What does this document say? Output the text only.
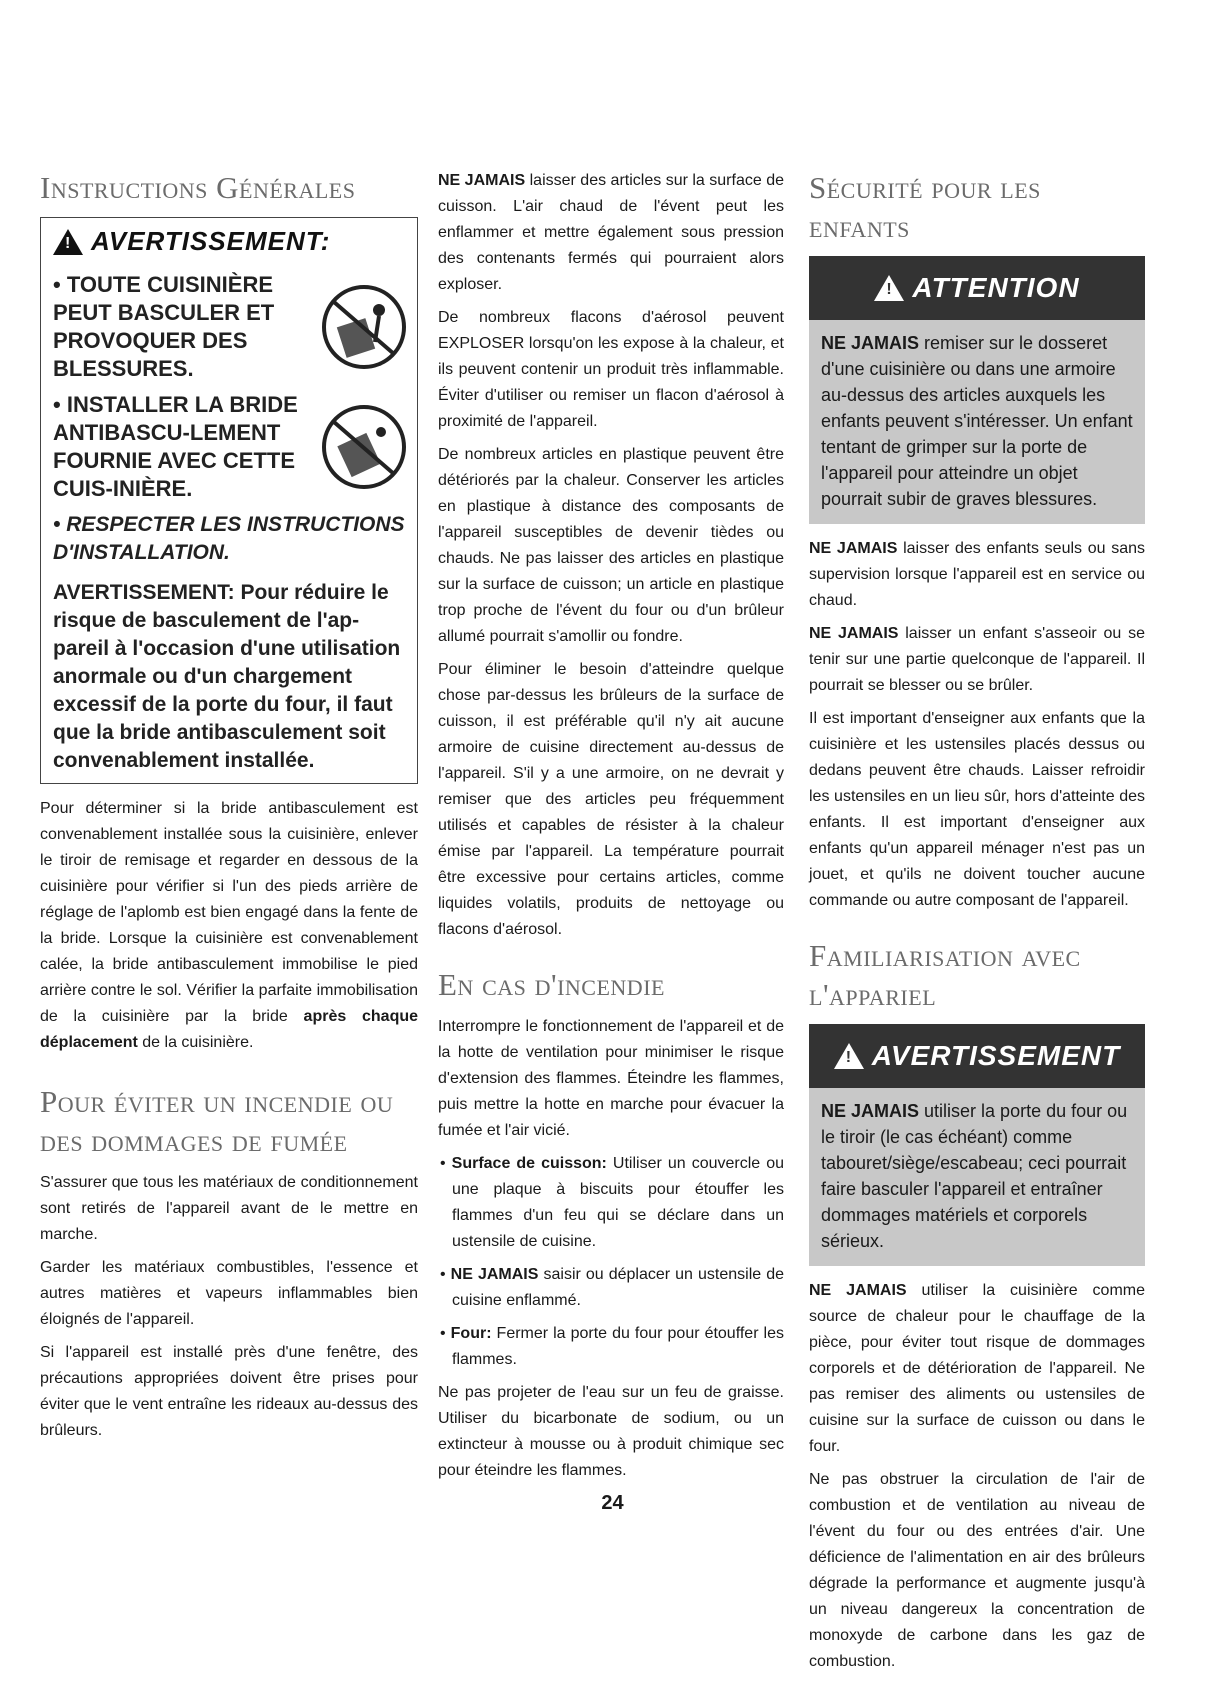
Instructions Générales
!
AVERTISSEMENT:
• TOUTE CUISINIÈRE PEUT BASCULER ET PROVOQUER DES BLESSURES.
• INSTALLER LA BRIDE ANTIBASCU-LEMENT FOURNIE AVEC CETTE CUIS-INIÈRE.
• RESPECTER LES INSTRUCTIONS D'INSTALLATION.
AVERTISSEMENT: Pour réduire le risque de basculement de l'ap-pareil à l'occasion d'une utilisation anormale ou d'un chargement excessif de la porte du four, il faut que la bride antibasculement soit convenablement installée.

Pour déterminer si la bride antibasculement est convenablement installée sous la cuisinière, enlever le tiroir de remisage et regarder en dessous de la cuisinière pour vérifier si l'un des pieds arrière de réglage de l'aplomb est bien engagé dans la fente de la bride. Lorsque la cuisinière est convenablement calée, la bride antibasculement immobilise le pied arrière contre le sol. Vérifier la parfaite immobilisation de la cuisinière par la bride après chaque déplacement de la cuisinière.

Pour éviter un incendie ou des dommages de fumée

S'assurer que tous les matériaux de conditionnement sont retirés de l'appareil avant de le mettre en marche.

Garder les matériaux combustibles, l'essence et autres matières et vapeurs inflammables bien éloignés de l'appareil.

Si l'appareil est installé près d'une fenêtre, des précautions appropriées doivent être prises pour éviter que le vent entraîne les rideaux au-dessus des brûleurs.

NE JAMAIS laisser des articles sur la surface de cuisson. L'air chaud de l'évent peut les enflammer et mettre également sous pression des contenants fermés qui pourraient alors exploser.

De nombreux flacons d'aérosol peuvent EXPLOSER lorsqu'on les expose à la chaleur, et ils peuvent contenir un produit très inflammable. Éviter d'utiliser ou remiser un flacon d'aérosol à proximité de l'appareil.

De nombreux articles en plastique peuvent être détériorés par la chaleur. Conserver les articles en plastique à distance des composants de l'appareil susceptibles de devenir tièdes ou chauds. Ne pas laisser des articles en plastique sur la surface de cuisson; un article en plastique trop proche de l'évent du four ou d'un brûleur allumé pourrait s'amollir ou fondre.

Pour éliminer le besoin d'atteindre quelque chose par-dessus les brûleurs de la surface de cuisson, il est préférable qu'il n'y ait aucune armoire de cuisine directement au-dessus de l'appareil. S'il y a une armoire, on ne devrait y remiser que des articles peu fréquemment utilisés et capables de résister à la chaleur émise par l'appareil. La température pourrait être excessive pour certains articles, comme liquides volatils, produits de nettoyage ou flacons d'aérosol.

En cas d'incendie

Interrompre le fonctionnement de l'appareil et de la hotte de ventilation pour minimiser le risque d'extension des flammes. Éteindre les flammes, puis mettre la hotte en marche pour évacuer la fumée et l'air vicié.

• Surface de cuisson: Utiliser un couvercle ou une plaque à biscuits pour étouffer les flammes d'un feu qui se déclare dans un ustensile de cuisine.

• NE JAMAIS saisir ou déplacer un ustensile de cuisine enflammé.

• Four: Fermer la porte du four pour étouffer les flammes.

Ne pas projeter de l'eau sur un feu de graisse. Utiliser du bicarbonate de sodium, ou un extincteur à mousse ou à produit chimique sec pour éteindre les flammes.

Sécurité pour les enfants
!
ATTENTION
NE JAMAIS remiser sur le dosseret d'une cuisinière ou dans une armoire au-dessus des articles auxquels les enfants peuvent s'intéresser. Un enfant tentant de grimper sur la porte de l'appareil pour atteindre un objet pourrait subir de graves blessures.

NE JAMAIS laisser des enfants seuls ou sans supervision lorsque l'appareil est en service ou chaud.

NE JAMAIS laisser un enfant s'asseoir ou se tenir sur une partie quelconque de l'appareil. Il pourrait se blesser ou se brûler.

Il est important d'enseigner aux enfants que la cuisinière et les ustensiles placés dessus ou dedans peuvent être chauds. Laisser refroidir les ustensiles en un lieu sûr, hors d'atteinte des enfants. Il est important d'enseigner aux enfants qu'un appareil ménager n'est pas un jouet, et qu'ils ne doivent toucher aucune commande ou autre composant de l'appareil.

Familiarisation avec l'appariel
!
AVERTISSEMENT
NE JAMAIS utiliser la porte du four ou le tiroir (le cas échéant) comme tabouret/siège/escabeau; ceci pourrait faire basculer l'appareil et entraîner dommages matériels et corporels sérieux.

NE JAMAIS utiliser la cuisinière comme source de chaleur pour le chauffage de la pièce, pour éviter tout risque de dommages corporels et de détérioration de l'appareil. Ne pas remiser des aliments ou ustensiles de cuisine sur la surface de cuisson ou dans le four.

Ne pas obstruer la circulation de l'air de combustion et de ventilation au niveau de l'évent du four ou des entrées d'air. Une déficience de l'alimentation en air des brûleurs dégrade la performance et augmente jusqu'à un niveau dangereux la concentration de monoxyde de carbone dans les gaz de combustion.

24
